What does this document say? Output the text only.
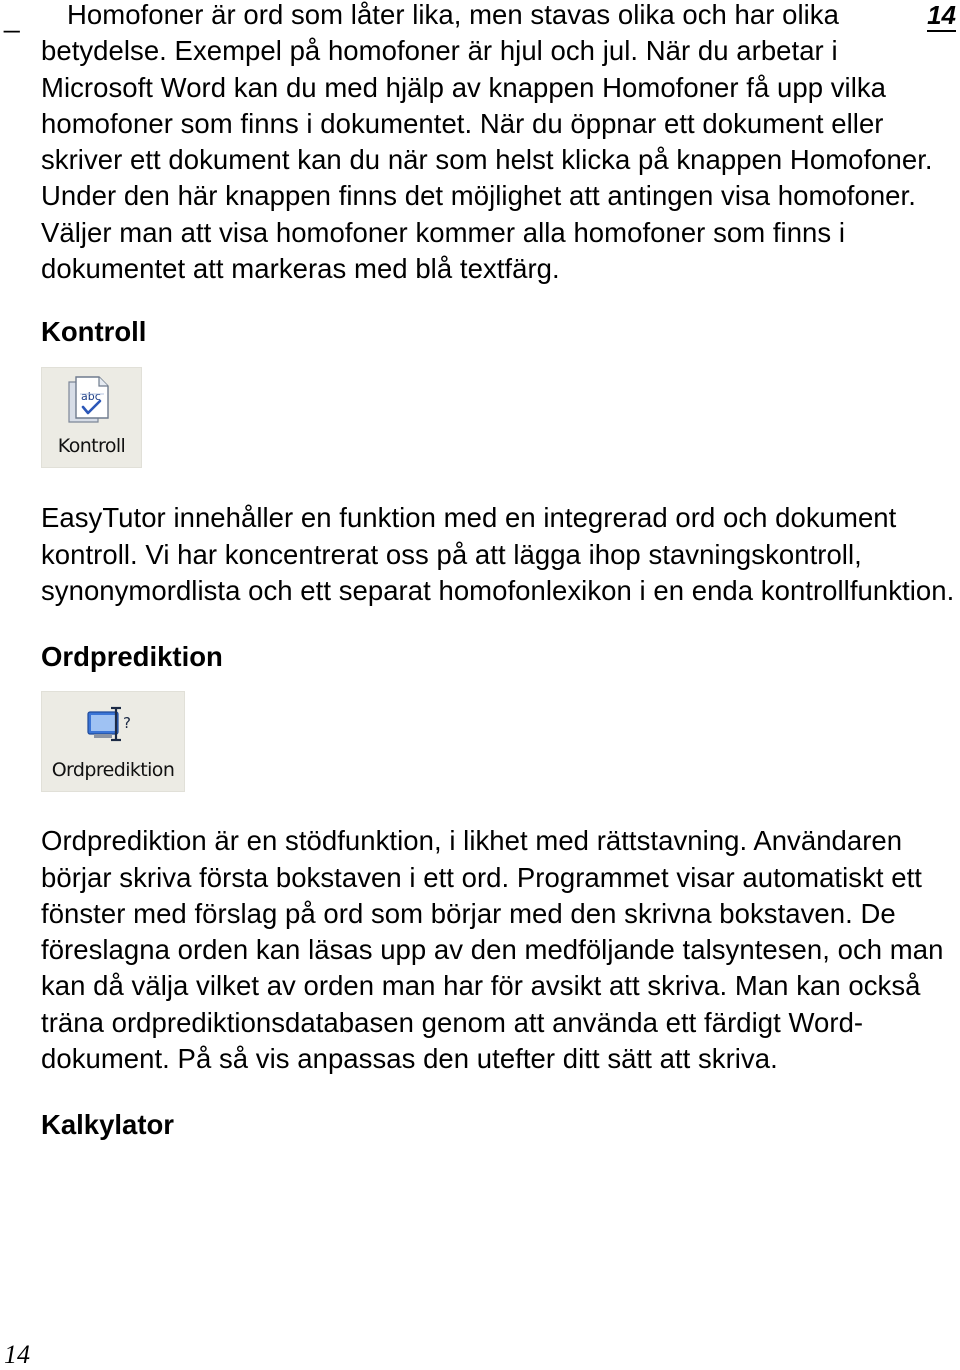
_	14

Homofoner är ord som låter lika, men stavas olika och har olika betydelse. Exempel på homofoner är hjul och jul. När du arbetar i Microsoft Word kan du med hjälp av knappen Homofoner få upp vilka homofoner som finns i dokumentet. När du öppnar ett dokument eller skriver ett dokument kan du när som helst klicka på knappen Homofoner. Under den här knappen finns det möjlighet att antingen visa homofoner. Väljer man att visa homofoner kommer alla homofoner som finns i dokumentet att markeras med blå textfärg.

Kontroll
abc
Kontroll

EasyTutor innehåller en funktion med en integrerad ord och dokument kontroll. Vi har koncentrerat oss på att lägga ihop stavningskontroll, synonymordlista och ett separat homofonlexikon i en enda kontrollfunktion.

Ordprediktion
?
Ordprediktion

Ordprediktion är en stödfunktion, i likhet med rättstavning. Användaren börjar skriva första bokstaven i ett ord. Programmet visar automatiskt ett fönster med förslag på ord som börjar med den skrivna bokstaven. De föreslagna orden kan läsas upp av den medföljande talsyntesen, och man kan då välja vilket av orden man har för avsikt att skriva. Man kan också träna ordprediktionsdatabasen genom att använda ett färdigt Word-dokument. På så vis anpassas den utefter ditt sätt att skriva.

Kalkylator
14
